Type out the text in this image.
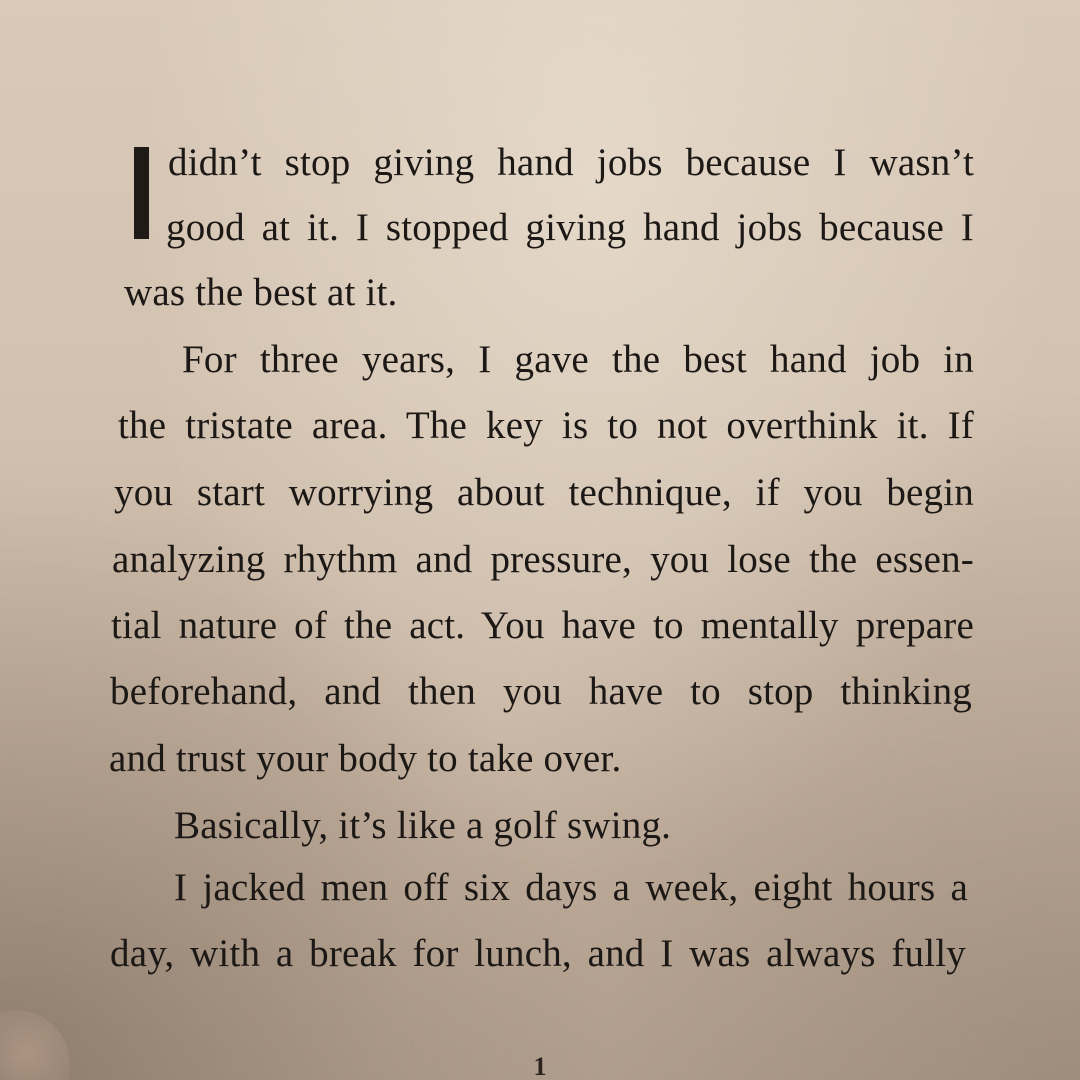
didn’t stop giving hand jobs because I wasn’t
good at it. I stopped giving hand jobs because I
was the best at it.
For three years, I gave the best hand job in
the tristate area. The key is to not overthink it. If
you start worrying about technique, if you begin
analyzing rhythm and pressure, you lose the essen-
tial nature of the act. You have to mentally prepare
beforehand, and then you have to stop thinking
and trust your body to take over.
Basically, it’s like a golf swing.
I jacked men off six days a week, eight hours a
day, with a break for lunch, and I was always fully
1
